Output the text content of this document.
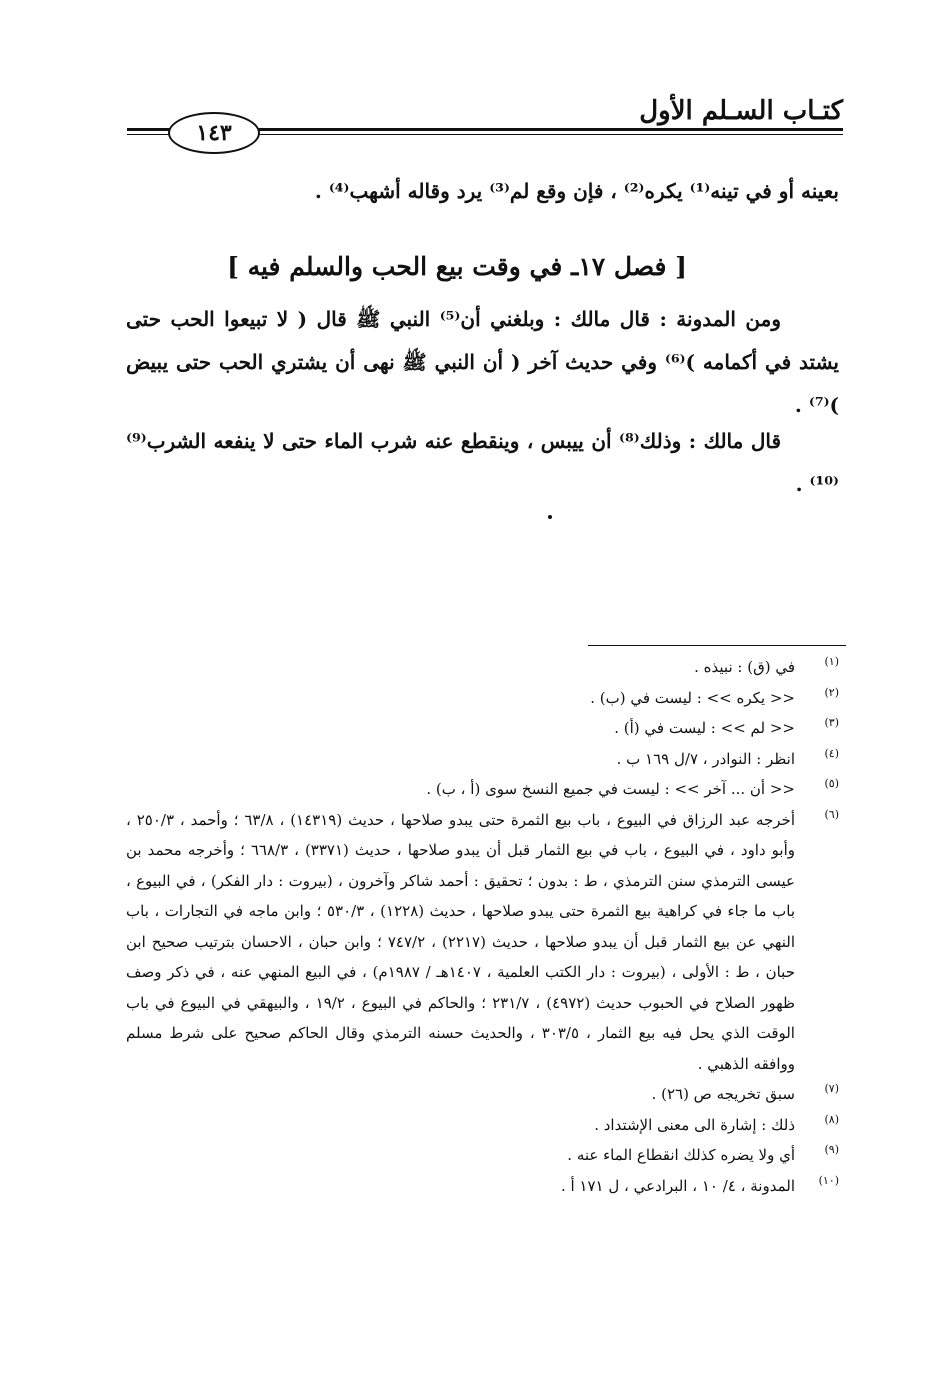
كتـاب السـلم الأول
١٤٣
بعينه أو في تينه⁽¹⁾ يكره⁽²⁾ ، فإن وقع لم⁽³⁾ يرد وقاله أشهب⁽⁴⁾ .
[ فصل ١٧ـ في وقت بيع الحب والسلم فيه ]
ومن المدونة : قال مالك : وبلغني أن⁽⁵⁾ النبي ﷺ قال ( لا تبيعوا الحب حتى يشتد في أكمامه )⁽⁶⁾ وفي حديث آخر ( أن النبي ﷺ نهى أن يشتري الحب حتى يبيض )⁽⁷⁾ .
قال مالك : وذلك⁽⁸⁾ أن ييبس ، وينقطع عنه شرب الماء حتى لا ينفعه الشرب⁽⁹⁾⁽¹⁰⁾ .
(١)
في (ق) : نبيذه .
(٢)
<< يكره >> : ليست في (ب) .
(٣)
<< لم >> : ليست في (أ) .
(٤)
انظر : النوادر ، ٧/ل ١٦٩ ب .
(٥)
<< أن ... آخر >> : ليست في جميع النسخ سوى (أ ، ب) .
(٦)
أخرجه عبد الرزاق في البيوع ، باب بيع الثمرة حتى يبدو صلاحها ، حديث (١٤٣١٩) ، ٦٣/٨ ؛ وأحمد ، ٢٥٠/٣ ، وأبو داود ، في البيوع ، باب في بيع الثمار قبل أن يبدو صلاحها ، حديث (٣٣٧١) ، ٦٦٨/٣ ؛ وأخرجه محمد بن عيسى الترمذي سنن الترمذي ، ط : بدون ؛ تحقيق : أحمد شاكر وآخرون ، (بيروت : دار الفكر) ، في البيوع ، باب ما جاء في كراهية بيع الثمرة حتى يبدو صلاحها ، حديث (١٢٢٨) ، ٥٣٠/٣ ؛ وابن ماجه في التجارات ، باب النهي عن بيع الثمار قبل أن يبدو صلاحها ، حديث (٢٢١٧) ، ٧٤٧/٢ ؛ وابن حبان ، الاحسان بترتيب صحيح ابن حبان ، ط : الأولى ، (بيروت : دار الكتب العلمية ، ١٤٠٧هـ / ١٩٨٧م) ، في البيع المنهي عنه ، في ذكر وصف ظهور الصلاح في الحبوب حديث (٤٩٧٢) ، ٢٣١/٧ ؛ والحاكم في البيوع ، ١٩/٢ ، والبيهقي في البيوع في باب الوقت الذي يحل فيه بيع الثمار ، ٣٠٣/٥ ، والحديث حسنه الترمذي وقال الحاكم صحيح على شرط مسلم ووافقه الذهبي .
(٧)
سبق تخريجه ص (٢٦) .
(٨)
ذلك : إشارة الى معنى الإشتداد .
(٩)
أي ولا يضره كذلك انقطاع الماء عنه .
(١٠)
المدونة ، ٤/ ١٠ ، البرادعي ، ل ١٧١ أ .
